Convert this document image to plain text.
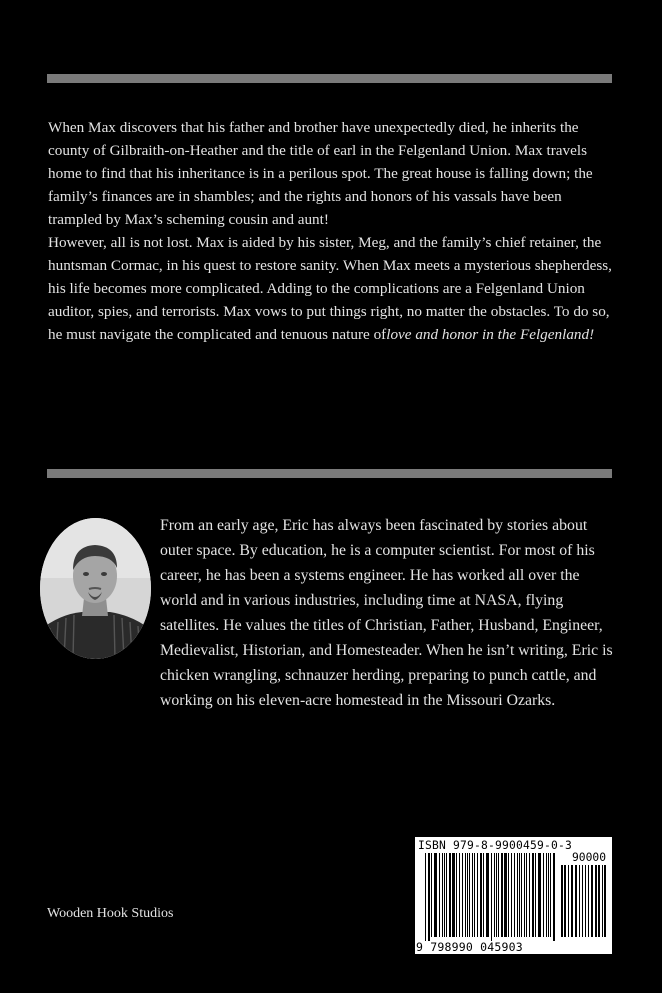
When Max discovers that his father and brother have unexpectedly died, he inherits the county of Gilbraith-on-Heather and the title of earl in the Felgenland Union. Max travels home to find that his inheritance is in a perilous spot. The great house is falling down; the family’s finances are in shambles; and the rights and honors of his vassals have been trampled by Max’s scheming cousin and aunt!

However, all is not lost. Max is aided by his sister, Meg, and the family’s chief retainer, the huntsman Cormac, in his quest to restore sanity. When Max meets a mysterious shepherdess, his life becomes more complicated. Adding to the complications are a Felgenland Union auditor, spies, and terrorists. Max vows to put things right, no matter the obstacles. To do so, he must navigate the complicated and tenuous nature oflove and honor in the Felgenland!

From an early age, Eric has always been fascinated by stories about outer space. By education, he is a computer scientist. For most of his career, he has been a systems engineer. He has worked all over the world and in various industries, including time at NASA, flying satellites. He values the titles of Christian, Father, Husband, Engineer, Medievalist, Historian, and Homesteader. When he isn’t writing, Eric is chicken wrangling, schnauzer herding, preparing to punch cattle, and working on his eleven-acre homestead in the Missouri Ozarks.

ISBN 979-8-9900459-0-3
90000
9 798990 045903
Wooden Hook Studios
